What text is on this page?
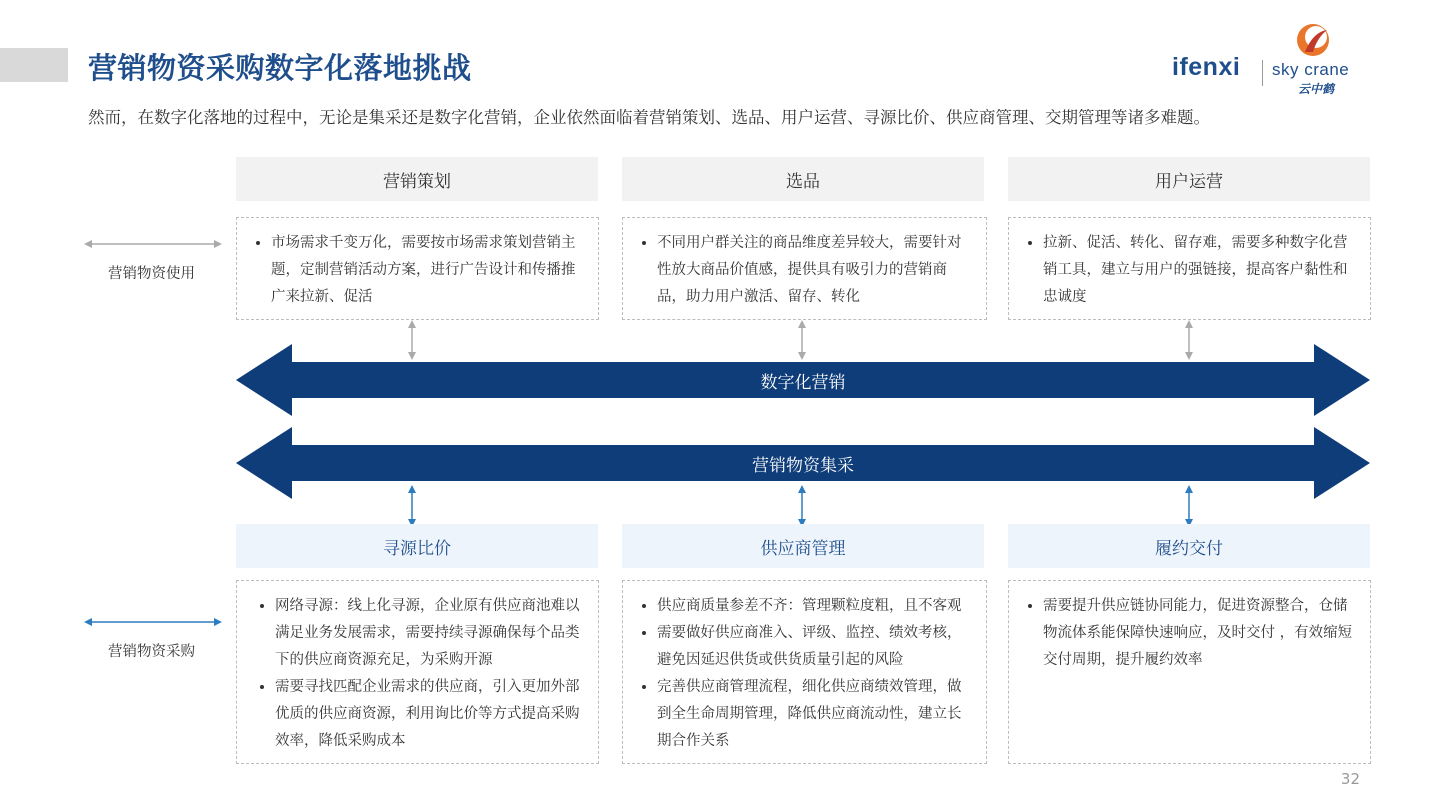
营销物资采购数字化落地挑战
然而，在数字化落地的过程中，无论是集采还是数字化营销，企业依然面临着营销策划、选品、用户运营、寻源比价、供应商管理、交期管理等诸多难题。
ifenxi sky crane
云中鹤
营销物资使用
营销策划	选品	用户运营
• 市场需求千变万化，需要按市场需求策划营销主题，定制营销活动方案，进行广告设计和传播推广来拉新、促活
• 不同用户群关注的商品维度差异较大，需要针对性放大商品价值感，提供具有吸引力的营销商品，助力用户激活、留存、转化
• 拉新、促活、转化、留存难，需要多种数字化营销工具，建立与用户的强链接，提高客户黏性和忠诚度
数字化营销
营销物资集采
营销物资采购
寻源比价	供应商管理	履约交付
• 网络寻源：线上化寻源，企业原有供应商池难以满足业务发展需求，需要持续寻源确保每个品类下的供应商资源充足，为采购开源
• 需要寻找匹配企业需求的供应商，引入更加外部优质的供应商资源，利用询比价等方式提高采购效率，降低采购成本
• 供应商质量参差不齐：管理颗粒度粗，且不客观
• 需要做好供应商准入、评级、监控、绩效考核，避免因延迟供货或供货质量引起的风险
• 完善供应商管理流程，细化供应商绩效管理，做到全生命周期管理，降低供应商流动性，建立长期合作关系
• 需要提升供应链协同能力，促进资源整合，仓储物流体系能保障快速响应，及时交付 ，有效缩短交付周期，提升履约效率
32
